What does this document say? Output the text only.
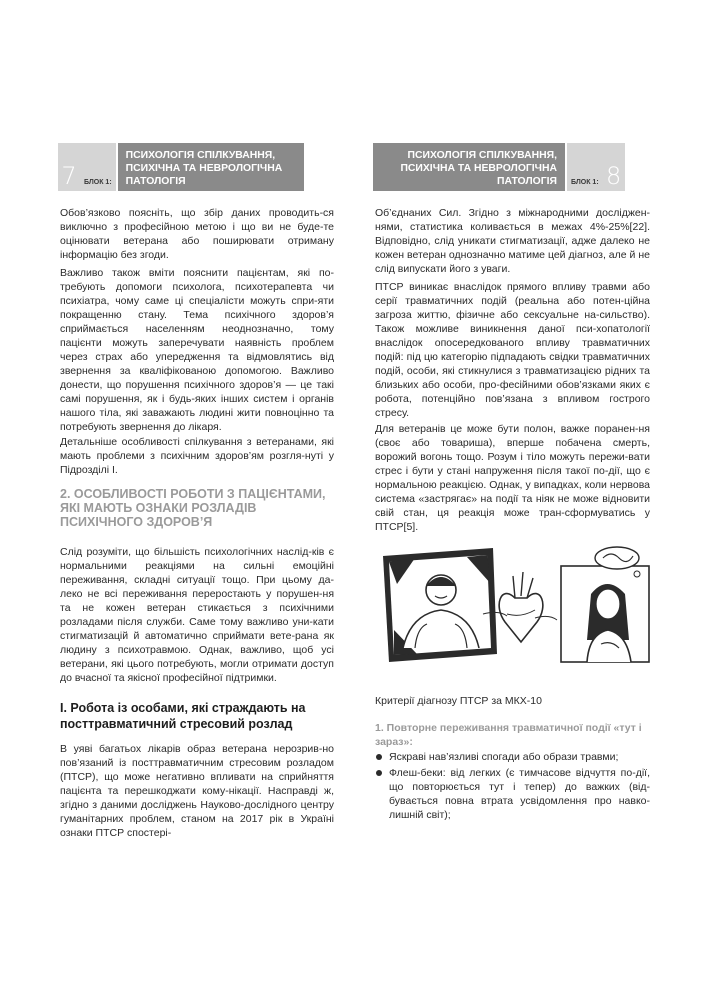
7	БЛОК 1:
ПСИХОЛОГІЯ СПІЛКУВАННЯ, ПСИХІЧНА ТА НЕВРОЛОГІЧНА ПАТОЛОГІЯ

Обов’язково поясніть, що збір даних проводить-ся виключно з професійною метою і що ви не буде-те оцінювати ветерана або поширювати отриману інформацію без згоди.

Важливо також вміти пояснити пацієнтам, які по-требують допомоги психолога, психотерапевта чи психіатра, чому саме ці спеціалісти можуть спри-яти покращенню стану. Тема психічного здоров’я сприймається населенням неоднозначно, тому пацієнти можуть заперечувати наявність проблем через страх або упередження та відмовлятись від звернення за кваліфікованою допомогою. Важливо донести, що порушення психічного здоров’я — це такі самі порушення, як і будь-яких інших систем і органів нашого тіла, які заважають людині жити повноцінно та потребують звернення до лікаря.

Детальніше особливості спілкування з ветеранами, які мають проблеми з психічним здоров’ям розгля-нуті у Підрозділі І.

2. ОСОБЛИВОСТІ РОБОТИ З ПАЦІЄНТАМИ, ЯКІ МАЮТЬ ОЗНАКИ РОЗЛАДІВ ПСИХІЧНОГО ЗДОРОВ’Я

Слід розуміти, що більшість психологічних наслід-ків є нормальними реакціями на сильні емоційні переживання, складні ситуації тощо. При цьому да-леко не всі переживання переростають у порушен-ня та не кожен ветеран стикається з психічними розладами після служби. Саме тому важливо уни-кати стигматизацій й автоматично сприймати вете-рана як людину з психотравмою. Однак, важливо, щоб усі ветерани, які цього потребують, могли отримати доступ до вчасної та якісної професійної підтримки.

І. Робота із особами, які страждають на посттравматичний стресовий розлад

В уяві багатьох лікарів образ ветерана нерозрив-но пов’язаний із посттравматичним стресовим розладом (ПТСР), що може негативно впливати на сприйняття пацієнта та перешкоджати кому-нікації. Насправді ж, згідно з даними досліджень Науково-дослідного центру гуманітарних проблем, станом на 2017 рік в Україні ознаки ПТСР спостері-

ПСИХОЛОГІЯ СПІЛКУВАННЯ, ПСИХІЧНА ТА НЕВРОЛОГІЧНА ПАТОЛОГІЯ	БЛОК 1: 8

Об’єднаних Сил. Згідно з міжнародними досліджен-нями, статистика коливається в межах 4%-25%[22]. Відповідно, слід уникати стигматизації, адже далеко не кожен ветеран однозначно матиме цей діагноз, але й не слід випускати його з уваги.

ПТСР виникає внаслідок прямого впливу травми або серії травматичних подій (реальна або потен-ційна загроза життю, фізичне або сексуальне на-сильство). Також можливе виникнення даної пси-хопатології внаслідок опосередкованого впливу травматичних подій: під цю категорію підпадають свідки травматичних подій, особи, які стикнулися з травматизацією рідних та близьких або особи, про-фесійними обов’язками яких є робота, потенційно пов’язана з впливом гострого стресу.

Для ветеранів це може бути полон, важке поранен-ня (своє або товариша), вперше побачена смерть, ворожий вогонь тощо. Розум і тіло можуть пережи-вати стрес і бути у стані напруження після такої по-дії, що є нормальною реакцією. Однак, у випадках, коли нервова система «застрягає» на події та ніяк не може відновити свій стан, ця реакція може тран-сформуватись у ПТСР[5].

Критерії діагнозу ПТСР за МКХ-10

1. Повторне переживання травматичної події «тут і зараз»:

Яскраві нав’язливі спогади або образи травми;
Флеш-беки: від легких (є тимчасове відчуття по-дії, що повторюється тут і тепер) до важких (від-бувається повна втрата усвідомлення про навко-лишній світ);
